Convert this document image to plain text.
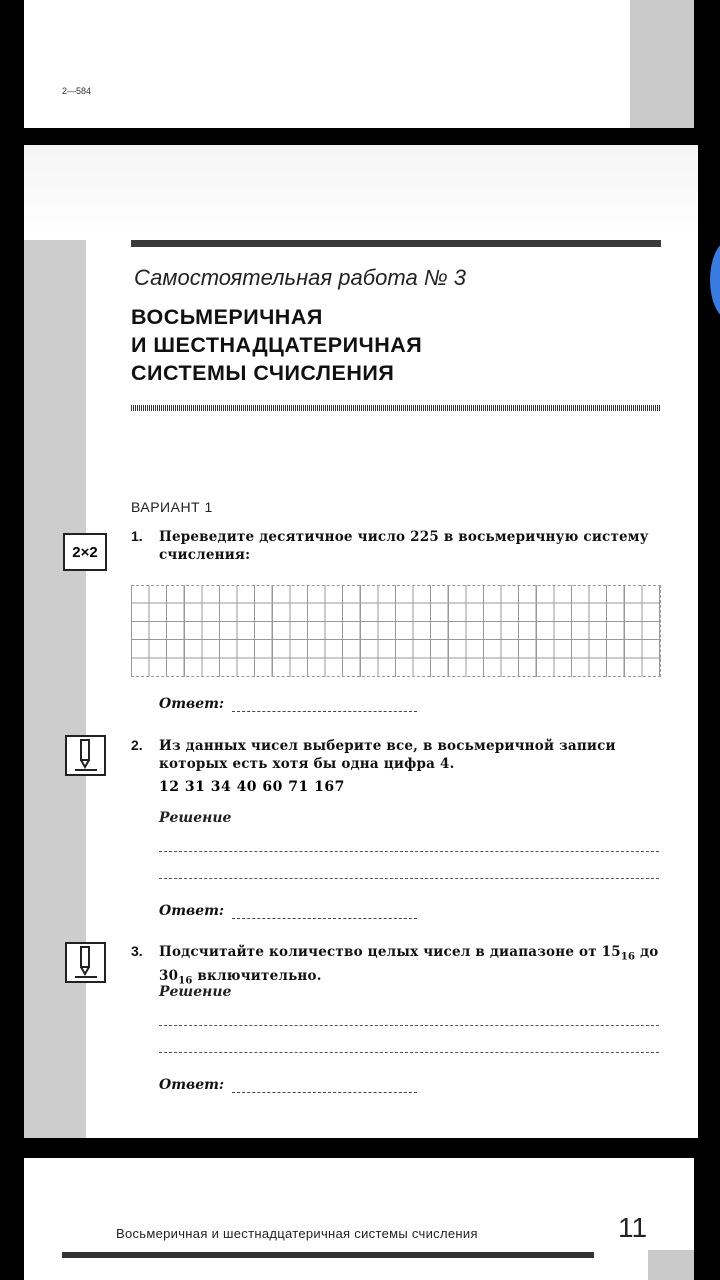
2—584
Самостоятельная работа № 3
ВОСЬМЕРИЧНАЯ
И ШЕСТНАДЦАТЕРИЧНАЯ
СИСТЕМЫ СЧИСЛЕНИЯ
ВАРИАНТ 1
2×2
1. Переведите десятичное число 225 в восьмеричную систему счисления:
Ответ:
2. Из данных чисел выберите все, в восьмеричной записи которых есть хотя бы одна цифра 4.
12 31 34 40 60 71 167
Решение
Ответ:
3. Подсчитайте количество целых чисел в диапазоне от $15_{16}$ до $30_{16}$ включительно.
Решение
Ответ:
Восьмеричная и шестнадцатеричная системы счисления	11
